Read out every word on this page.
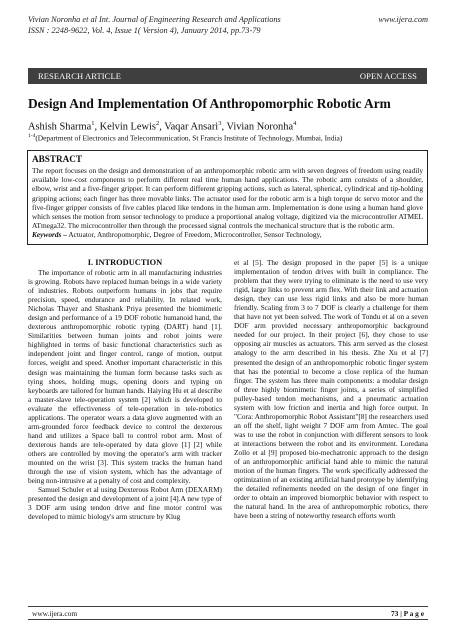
Vivian Noronha et al Int. Journal of Engineering Research and Applications	www.ijera.com
ISSN : 2248-9622, Vol. 4, Issue 1( Version 4), January 2014, pp.73-79
RESEARCH ARTICLE	OPEN ACCESS
Design And Implementation Of Anthropomorphic Robotic Arm
Ashish Sharma$^1$, Kelvin Lewis$^2$, Vaqar Ansari$^3$, Vivian Noronha$^4$
$^{1-4}$(Department of Electronics and Telecommunication, St Francis Institute of Technology, Mumbai, India)
ABSTRACT
The report focuses on the design and demonstration of an anthropomorphic robotic arm with seven degrees of freedom using readily available low-cost components to perform different real time human hand applications. The robotic arm consists of a shoulder, elbow, wrist and a five-finger gripper. It can perform different gripping actions, such as lateral, spherical, cylindrical and tip-holding gripping actions; each finger has three movable links. The actuator used for the robotic arm is a high torque dc servo motor and the five-finger gripper consists of five cables placed like tendons in the human arm. Implementation is done using a human hand glove which senses the motion from sensor technology to produce a proportional analog voltage, digitized via the microcontroller ATMEL ATmega32. The microcontroller then through the processed signal controls the mechanical structure that is the robotic arm.
Keywords – Actuator, Anthropomorphic, Degree of Freedom, Microcontroller, Sensor Technology,
I. INTRODUCTION

The importance of robotic arm in all manufacturing industries is growing. Robots have replaced human beings in a wide variety of industries. Robots outperform humans in jobs that require precision, speed, endurance and reliability. In related work, Nicholas Thayer and Shashank Priya presented the biomimetic design and performance of a 19 DOF robotic humanoid hand, the dexterous anthropomorphic robotic typing (DART) hand [1]. Similarities between human joints and robot joints were highlighted in terms of basic functional characteristics such as independent joint and finger control, range of motion, output forces, weight and speed. Another important characteristic in this design was maintaining the human form because tasks such as tying shoes, holding mugs, opening doors and typing on keyboards are tailored for human hands. Haiying Hu et al describe a master-slave tele-operation system [2] which is developed to evaluate the effectiveness of tele-operation in tele-robotics applications. The operator wears a data glove augmented with an arm-grounded force feedback device to control the dexterous hand and utilizes a Space ball to control robot arm. Most of dexterous hands are tele-operated by data glove [1] [2] while others are controlled by moving the operator's arm with tracker mounted on the wrist [3]. This system tracks the human hand through the use of vision system, which has the advantage of being non-intrusive at a penalty of cost and complexity.

Samuel Schuler et al using Dexterous Robot Arm (DEXARM) presented the design and development of a joint [4].A new type of 3 DOF arm using tendon drive and fine motor control was developed to mimic biology's arm structure by Klug

et al [5]. The design proposed in the paper [5] is a unique implementation of tendon drives with built in compliance. The problem that they were trying to eliminate is the need to use very rigid, large links to prevent arm flex. With their link and actuation design, they can use less rigid links and also be more human friendly. Scaling from 3 to 7 DOF is clearly a challenge for them that have not yet been solved. The work of Tondu et al on a seven DOF arm provided necessary anthropomorphic background needed for our project. In their project [6], they chose to use opposing air muscles as actuators. This arm served as the closest analogy to the arm described in his thesis. Zhe Xu et al [7] presented the design of an anthropomorphic robotic finger system that has the potential to become a close replica of the human finger. The system has three main components: a modular design of three highly biomimetic finger joints, a series of simplified pulley-based tendon mechanisms, and a pneumatic actuation system with low friction and inertia and high force output. In "Cora: Anthropomorphic Robot Assistant"[8] the researchers used an off the shelf, light weight 7 DOF arm from Amtec. The goal was to use the robot in conjunction with different sensors to look at interactions between the robot and its environment. Loredana Zollo et al [9] proposed bio-mechatronic approach to the design of an anthropomorphic artificial hand able to mimic the natural motion of the human fingers. The work specifically addressed the optimization of an existing artificial hand prototype by identifying the detailed refinements needed on the design of one finger in order to obtain an improved biomorphic behavior with respect to the natural hand. In the area of anthropomorphic robotics, there have been a string of noteworthy research efforts worth

www.ijera.com	73 | P a g e
